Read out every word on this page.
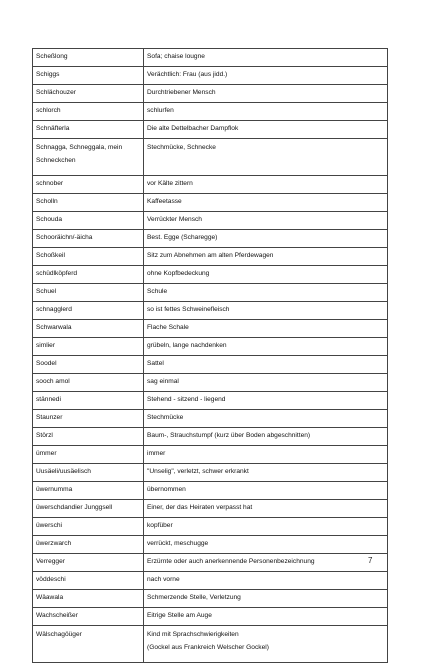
Scheßlong	Sofa; chaise lougne

Schiggs	Verächtlich: Frau (aus jidd.)

Schlächouzer	Durchtriebener Mensch

schlorch	schlurfen

Schnäfterla	Die alte Dettelbacher Dampflok

Schnagga, Schneggala, mein
Schneckchen	Stechmücke, Schnecke

schnober	vor Kälte zittern

Scholln	Kaffeetasse

Schouda	Verrückter Mensch

Schooräichn/-äicha	Best. Egge (Scharegge)

Schoßkeil	Sitz zum Abnehmen am alten Pferdewagen

schüdlköpferd	ohne Kopfbedeckung

Schuel	Schule

schnagglerd	so ist fettes Schweinefleisch

Schwarwala	Flache Schale

simlier	grübeln, lange nachdenken

Soodel	Sattel

sooch amol	sag einmal

stännedi	Stehend - sitzend - liegend

Staunzer	Stechmücke

Störzl	Baum-, Strauchstumpf (kurz über Boden abgeschnitten)

ümmer	immer

Uusäeli/uusäelisch	"Unselig", verletzt, schwer erkrankt

üwernumma	übernommen

üwerschdandier Junggsell	Einer, der das Heiraten verpasst hat

üwerschi	kopfüber

üwerzwarch	verrückt, meschugge

Verregger	Erzürnte oder auch anerkennende Personenbezeichnung

vöddeschi	nach vorne

Wäawala	Schmerzende Stelle, Verletzung

Wachscheißer	Eitrige Stelle am Auge

Wälschagöüger	Kind mit Sprachschwierigkeiten
(Gockel aus Frankreich Welscher Gockel)
7
